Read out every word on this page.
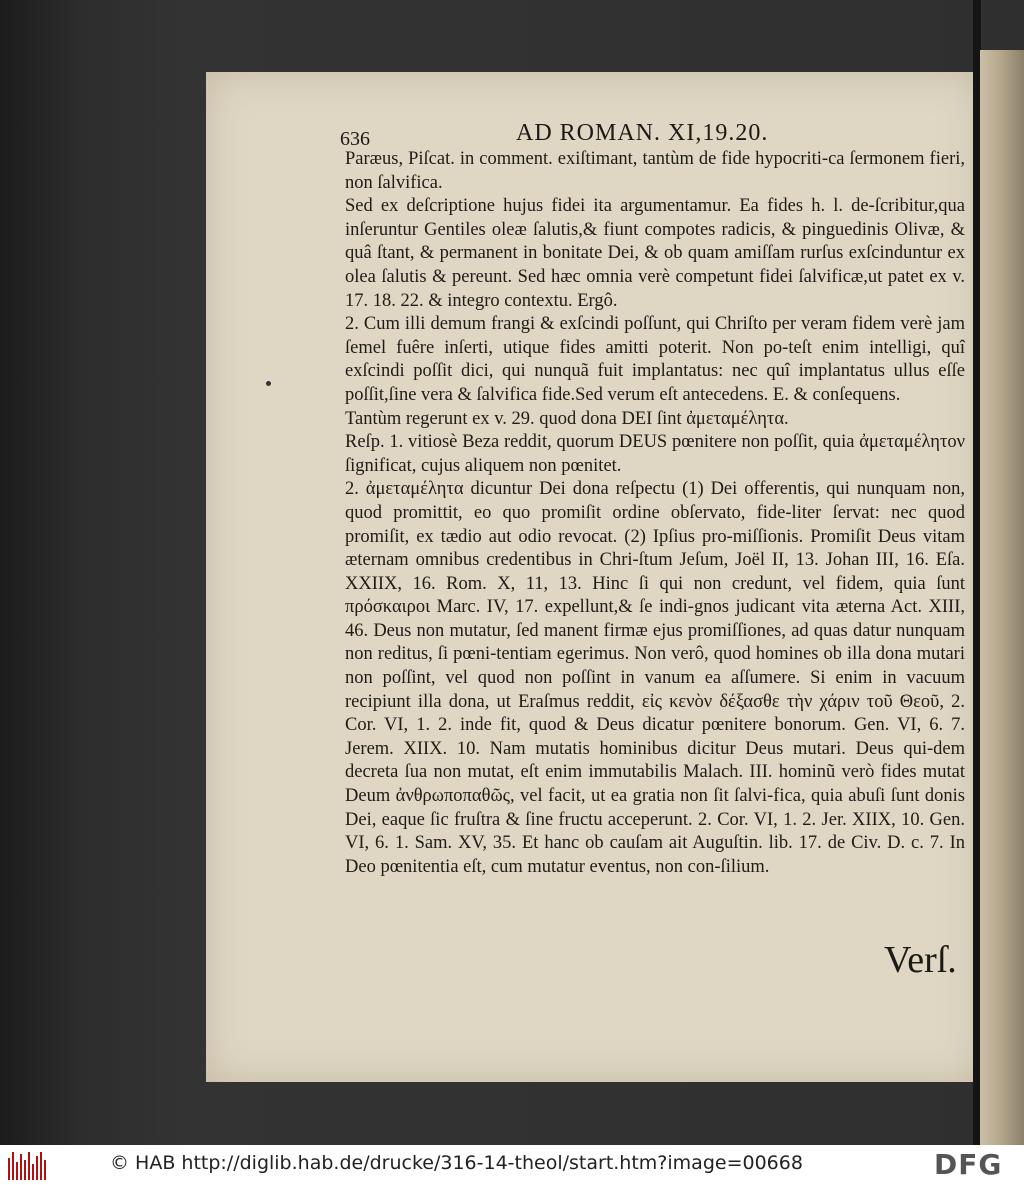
636	AD ROMAN. XI,19.20.

Paræus, Piſcat. in comment. exiſtimant, tantùm de fide hypocriti-ca ſermonem fieri, non ſalvifica.

Sed ex deſcriptione hujus fidei ita argumentamur. Ea fides h. l. de-ſcribitur,qua inſeruntur Gentiles oleæ ſalutis,& fiunt compotes radicis, & pinguedinis Olivæ, & quâ ſtant, & permanent in bonitate Dei, & ob quam amiſſam rurſus exſcinduntur ex olea ſalutis & pereunt. Sed hæc omnia verè competunt fidei ſalvificæ,ut patet ex v. 17. 18. 22. & integro contextu. Ergô.

2. Cum illi demum frangi & exſcindi poſſunt, qui Chriſto per veram fidem verè jam ſemel fuêre inſerti, utique fides amitti poterit. Non po-teſt enim intelligi, quî exſcindi poſſit dici, qui nunquã fuit implantatus: nec quî implantatus ullus eſſe poſſit,ſine vera & ſalvifica fide.Sed verum eſt antecedens. E. & conſequens.

Tantùm regerunt ex v. 29. quod dona DEI ſint ἀμεταμέλητα.

Reſp. 1. vitiosè Beza reddit, quorum DEUS pœnitere non poſſit, quia ἀμεταμέλητον ſignificat, cujus aliquem non pœnitet.

2. ἀμεταμέλητα dicuntur Dei dona reſpectu (1) Dei offerentis, qui nunquam non, quod promittit, eo quo promiſit ordine obſervato, fide-liter ſervat: nec quod promiſit, ex tædio aut odio revocat. (2) Ipſius pro-miſſionis. Promiſit Deus vitam æternam omnibus credentibus in Chri-ſtum Jeſum, Joël II, 13. Johan III, 16. Eſa. XXIIX, 16. Rom. X, 11, 13. Hinc ſi qui non credunt, vel fidem, quia ſunt πρόσκαιροι Marc. IV, 17. expellunt,& ſe indi-gnos judicant vita æterna Act. XIII, 46. Deus non mutatur, ſed manent firmæ ejus promiſſiones, ad quas datur nunquam non reditus, ſi pœni-tentiam egerimus. Non verô, quod homines ob illa dona mutari non poſſint, vel quod non poſſint in vanum ea aſſumere. Si enim in vacuum recipiunt illa dona, ut Eraſmus reddit, εἰς κενὸν δέξασθε τὴν χάριν τοῦ Θεοῦ, 2. Cor. VI, 1. 2. inde fit, quod & Deus dicatur pœnitere bonorum. Gen. VI, 6. 7. Jerem. XIIX. 10. Nam mutatis hominibus dicitur Deus mutari. Deus qui-dem decreta ſua non mutat, eſt enim immutabilis Malach. III. hominũ verò fides mutat Deum ἀνθρωποπαθῶς, vel facit, ut ea gratia non ſit ſalvi-fica, quia abuſi ſunt donis Dei, eaque ſic fruſtra & ſine fructu acceperunt. 2. Cor. VI, 1. 2. Jer. XIIX, 10. Gen. VI, 6. 1. Sam. XV, 35. Et hanc ob cauſam ait Auguſtin. lib. 17. de Civ. D. c. 7. In Deo pœnitentia eſt, cum mutatur eventus, non con-ſilium.

Verſ.
© HAB http://diglib.hab.de/drucke/316-14-theol/start.htm?image=00668	DFG
